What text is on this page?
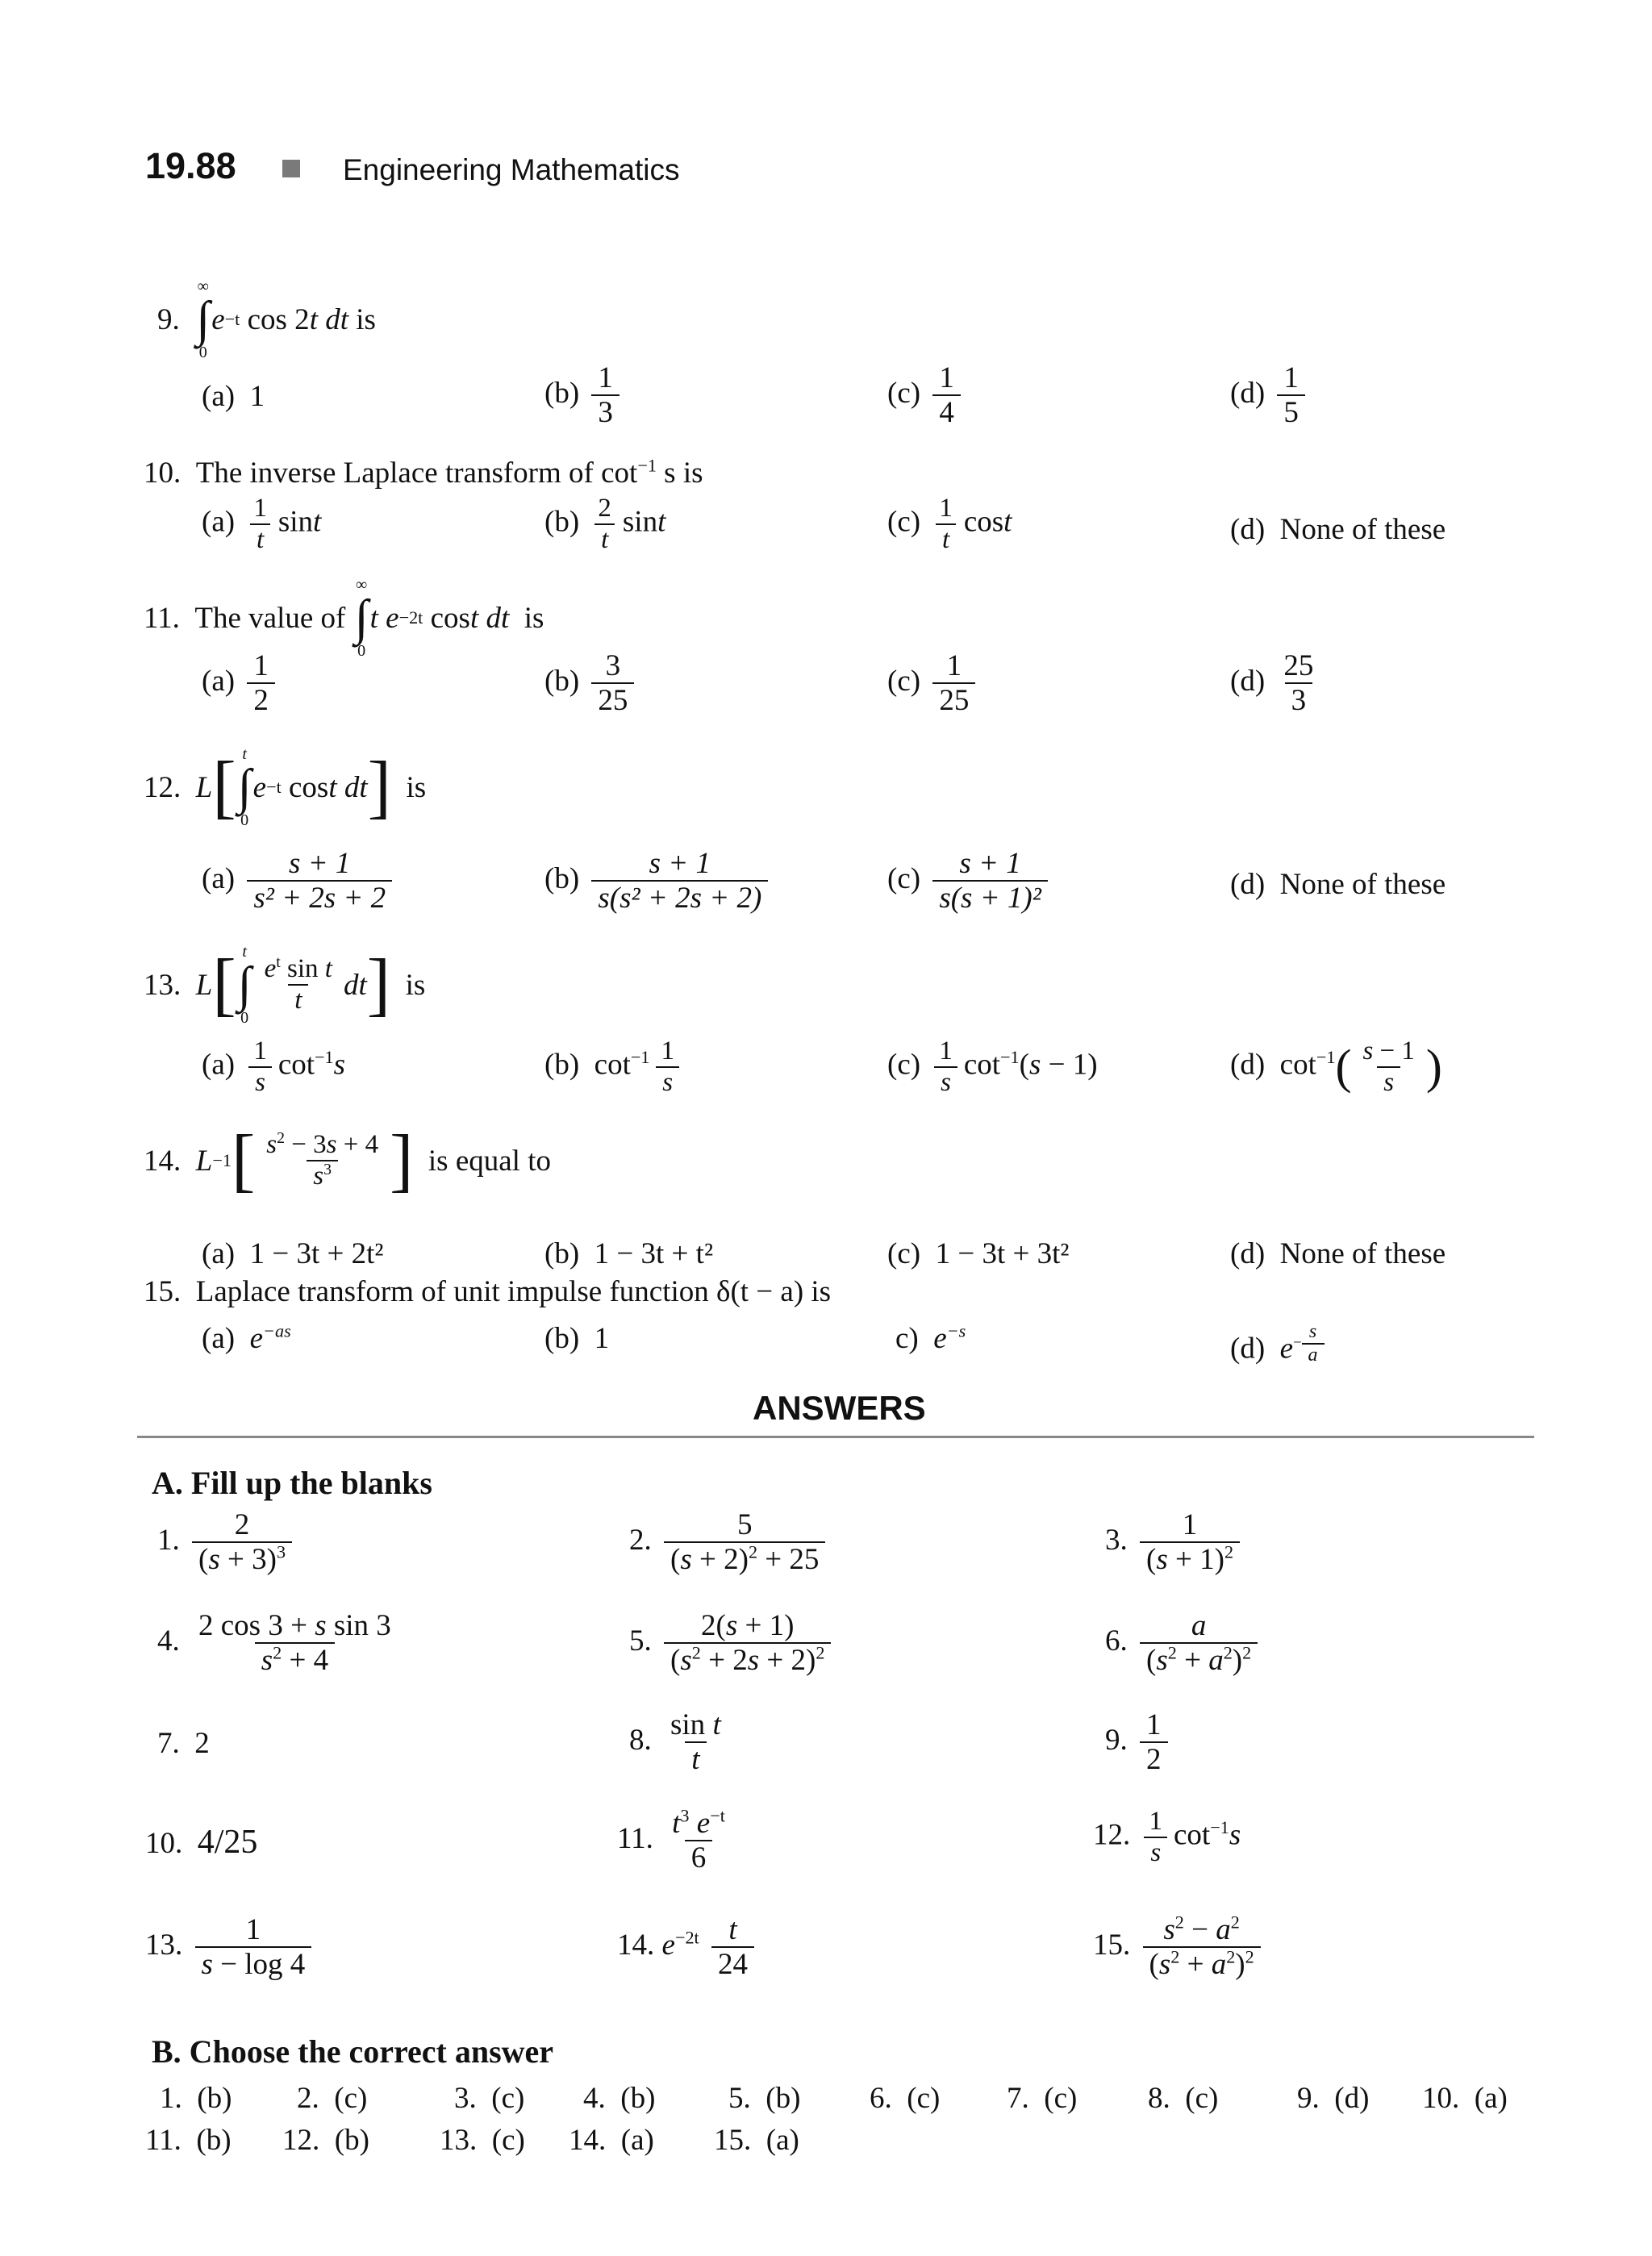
19.88	Engineering Mathematics
9.

∞
∫
0
e −t cos 2 t
dt
is
(a)  1	$(b) \frac{1}{3}$	$(c) \frac{1}{4}$	$(d) \frac{1}{5}$
10. The inverse Laplace transform of $\cot^{-1} s$ is
$(a) \frac{1}{t}$ sint	$(b) \frac{2}{t}$ sint	$(c) \frac{1}{t}$ cost	(d)  None of these
11.
The value of

∞
∫
0
t
e −2t cos t
dt
is
$(a) \frac{1}{2}$	$(b) \frac{3}{25}$	$(c) \frac{1}{25}$	$(d) \frac{25}{3}$
12.
L [ t
∫
0
e −t cos t
dt ]
is
$(a) \frac{s + 1}{\text{s² + 2s + 2}}$	$(b) \frac{s + 1}{\text{s(s² + 2s + 2)}}$	$(c) \frac{s + 1}{\text{s(s + 1)²}}$	(d)  None of these
13.
L [ t
∫
0
$\frac{e^t \sin t}{t}$ dt ]
is
$(a) \frac{1}{s} \cot^{-1}s$	(b)  $\cot^{-1} \frac{1}{s}$	$(c) \frac{1}{s} \cot^{-1}(s - 1)$	(d)  $\cot^{-1}( \frac{s - 1}{s}$ )
14.
L −1 [ $\frac{s^2 - 3s + 4}{s^3}$ ]
is equal to
(a)  1 − 3t + 2t²	(b)  1 − 3t + t²	(c)  1 − 3t + 3t²	(d)  None of these
15. Laplace transform of unit impulse function δ(t − a) is
(a)  $e^{-as}$	(b)  1	c)  $e^{-s}$
(d)  $e^{- \frac{s}{a}}$
ANSWERS
A. Fill up the blanks
1. $\frac{2}{(s + 3)^3}$	2. $\frac{5}{(s + 2)^2 + 25}$	3. $\frac{1}{(s + 1)^2}$
4. $\frac{\text{2 cos 3 + s sin 3}}{s^2 + 4}$	5. $\frac{2(s + 1)}{(s^2 + 2s + 2)^2}$	6. $\frac{a}{(s^2 + a^2)^2}$
7. 2	8. $\frac{\text{sin t}}{t}$	9. $\frac{1}{2}$
10. 4/25	11. $\frac{t^3 e^{-t}}{6}$	12. $\frac{1}{s} \cot^{-1}s$
13. $\frac{1}{s - \log 4}$	14. $e^{-2t} \frac{t}{24}$	15. $\frac{s^2 - a^2}{(s^2 + a^2)^2}$
B. Choose the correct answer
1. (b) 2. (c)	3. (c) 4. (b) 5. (b) 6. (c) 7. (c) 8. (c)	9. (d) 10. (a)
11. (b) 12. (b) 13. (c) 14. (a) 15. (a)
